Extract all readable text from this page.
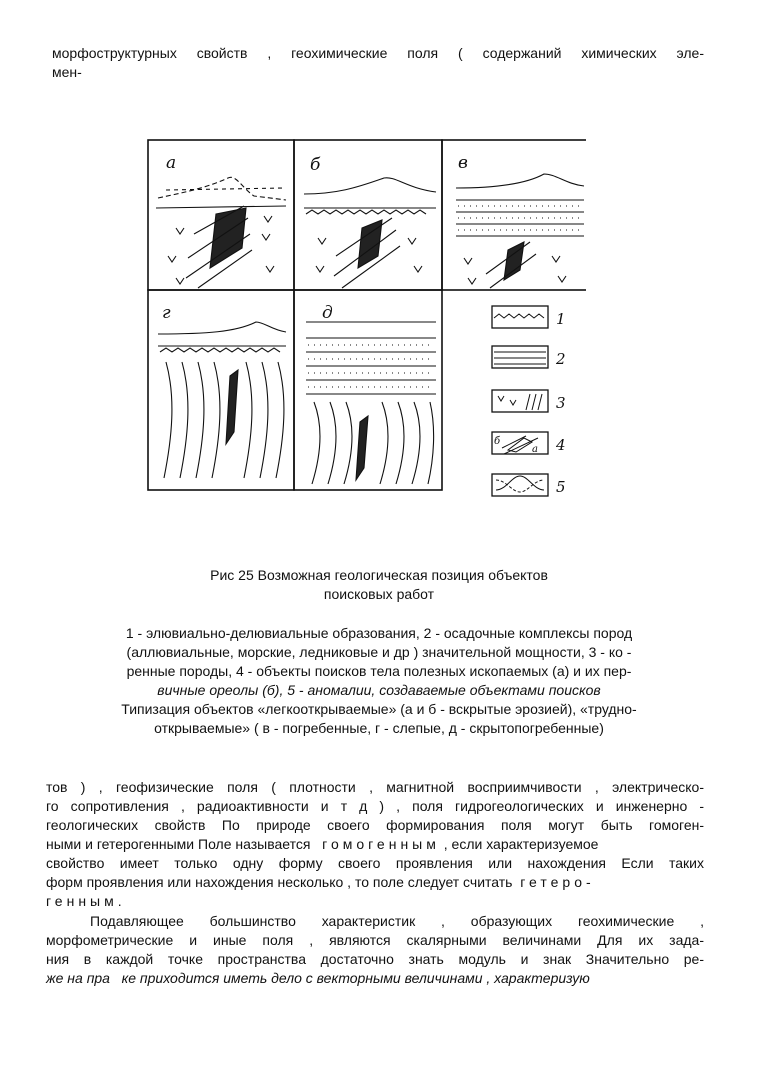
морфоструктурных свойств , геохимические поля ( содержаний химических эле-
мен-
а	б	в
г	д	1
2
3
4
5
б
а
Рис 25 Возможная геологическая позиция объектов
поисковых работ
1 - элювиально-делювиальные образования, 2 - осадочные комплексы пород
(аллювиальные, морские, ледниковые и др ) значительной мощности, 3 - ко -
ренные породы, 4 - объекты поисков тела полезных ископаемых (а) и их пер-
вичные ореолы (б), 5 - аномалии, создаваемые объектами поисков
Типизация объектов «легкооткрываемые» (а и б - вскрытые эрозией), «трудно-
открываемые» ( в - погребенные, г - слепые, д - скрытопогребенные)
тов ) , геофизические поля ( плотности , магнитной восприимчивости , электрическо-
го сопротивления , радиоактивности и т д ) , поля гидрогеологических и инженерно -
геологических свойств По природе своего формирования поля могут быть гомоген-
ными и гетерогенными Поле называется гомогенным , если характеризуемое
свойство имеет только одну форму своего проявления или нахождения Если таких
форм проявления или нахождения несколько , то поле следует считать гетеро-
генным.
Подавляющее большинство характеристик , образующих геохимические ,
морфометрические и иные поля , являются скалярными величинами Для их зада-
ния в каждой точке пространства достаточно знать модуль и знак Значительно ре-
же на пра ке приходится иметь дело с векторными величинами , характеризую
